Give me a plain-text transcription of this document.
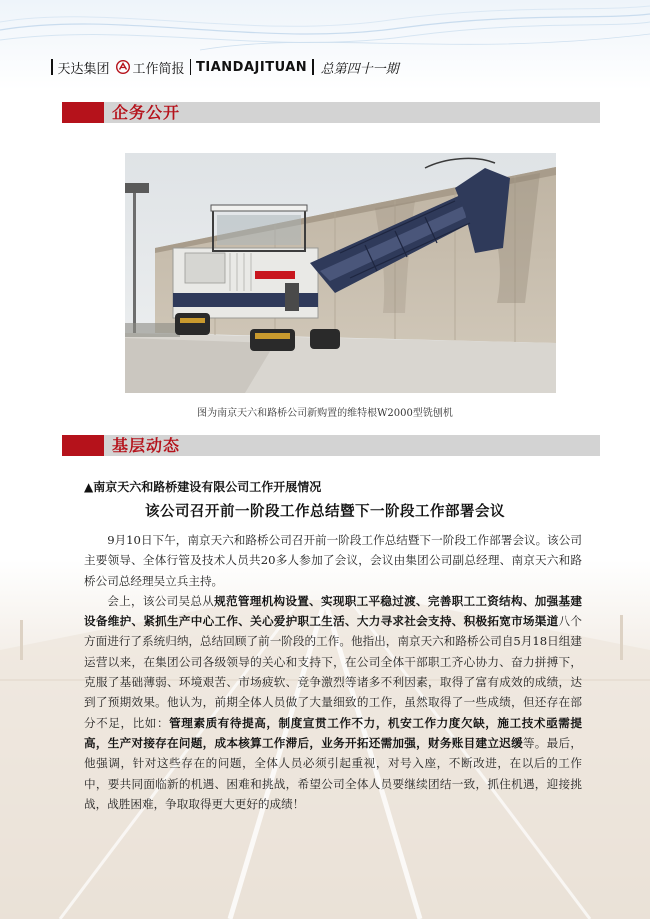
天达集团 工作简报 TIANDAJITUAN 总第四十一期
企务公开
图为南京天六和路桥公司新购置的维特根W2000型铣刨机
基层动态
▲南京天六和路桥建设有限公司工作开展情况
该公司召开前一阶段工作总结暨下一阶段工作部署会议

9月10日下午，南京天六和路桥公司召开前一阶段工作总结暨下一阶段工作部署会议。该公司主要领导、全体行管及技术人员共20多人参加了会议，会议由集团公司副总经理、南京天六和路桥公司总经理吴立兵主持。

会上，该公司吴总从规范管理机构设置、实现职工平稳过渡、完善职工工资结构、加强基建设备维护、紧抓生产中心工作、关心爱护职工生活、大力寻求社会支持、积极拓宽市场渠道八个方面进行了系统归纳，总结回顾了前一阶段的工作。他指出，南京天六和路桥公司自5月18日组建运营以来，在集团公司各级领导的关心和支持下，在公司全体干部职工齐心协力、奋力拼搏下，克服了基础薄弱、环境艰苦、市场疲软、竞争激烈等诸多不利因素，取得了富有成效的成绩，达到了预期效果。他认为，前期全体人员做了大量细致的工作，虽然取得了一些成绩，但还存在部分不足，比如：管理素质有待提高，制度宣贯工作不力，机安工作力度欠缺，施工技术亟需提高，生产对接存在问题，成本核算工作滞后，业务开拓还需加强，财务账目建立迟缓等。最后，他强调，针对这些存在的问题，全体人员必须引起重视，对号入座，不断改进，在以后的工作中，要共同面临新的机遇、困难和挑战，希望公司全体人员要继续团结一致，抓住机遇，迎接挑战，战胜困难，争取取得更大更好的成绩！
